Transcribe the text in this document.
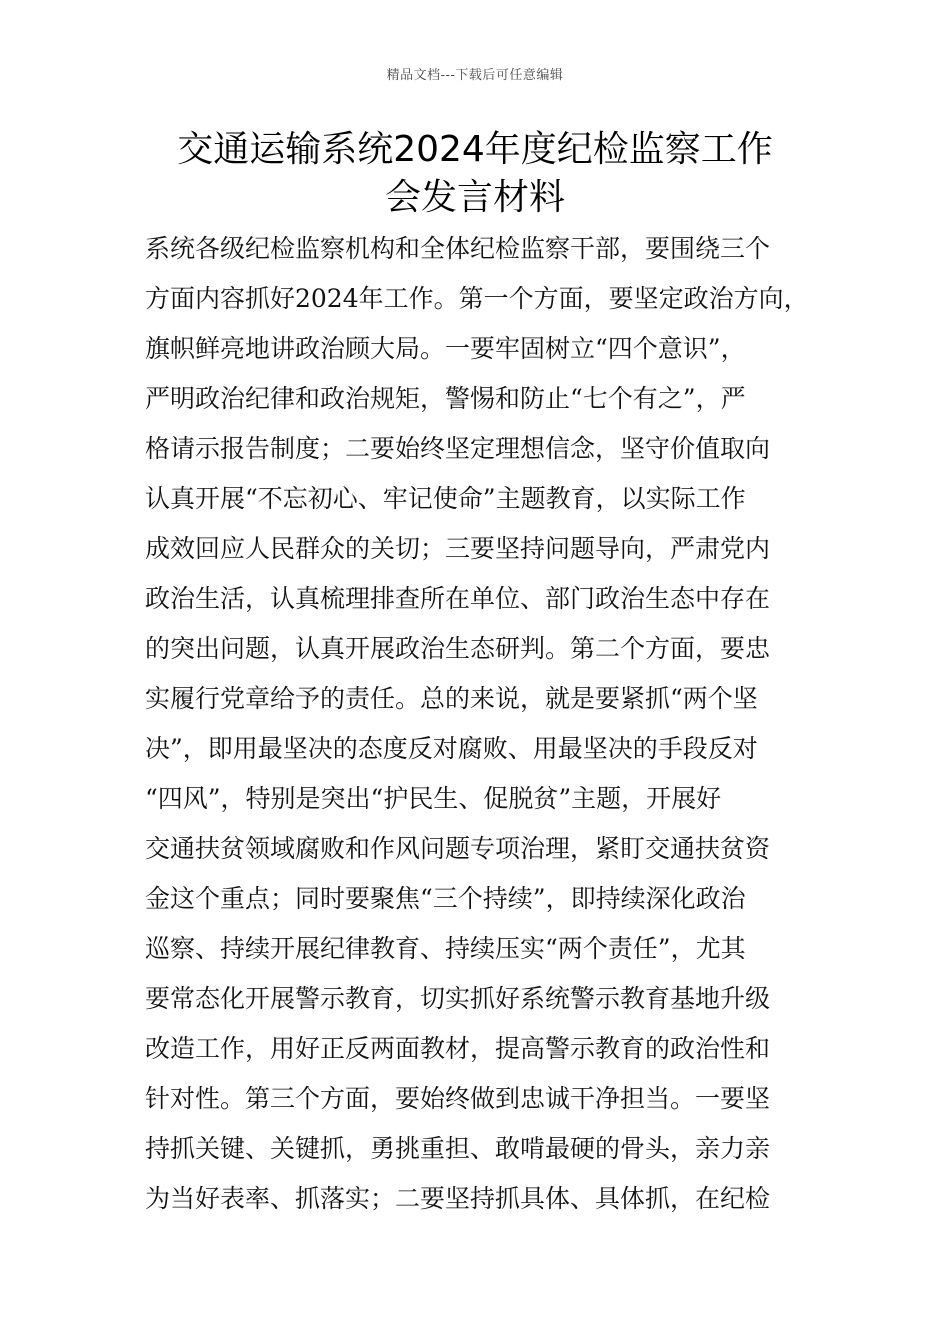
精品文档---下载后可任意编辑
交通运输系统2024年度纪检监察工作
会发言材料
系统各级纪检监察机构和全体纪检监察干部，要围绕三个
方面内容抓好2024年工作。第一个方面，要坚定政治方向，
旗帜鲜亮地讲政治顾大局。一要牢固树立“四个意识”，
严明政治纪律和政治规矩，警惕和防止“七个有之”，严
格请示报告制度；二要始终坚定理想信念，坚守价值取向
认真开展“不忘初心、牢记使命”主题教育，以实际工作
成效回应人民群众的关切；三要坚持问题导向，严肃党内
政治生活，认真梳理排查所在单位、部门政治生态中存在
的突出问题，认真开展政治生态研判。第二个方面，要忠
实履行党章给予的责任。总的来说，就是要紧抓“两个坚
决”，即用最坚决的态度反对腐败、用最坚决的手段反对
“四风”，特别是突出“护民生、促脱贫”主题，开展好
交通扶贫领域腐败和作风问题专项治理，紧盯交通扶贫资
金这个重点；同时要聚焦“三个持续”，即持续深化政治
巡察、持续开展纪律教育、持续压实“两个责任”，尤其
要常态化开展警示教育，切实抓好系统警示教育基地升级
改造工作，用好正反两面教材，提高警示教育的政治性和
针对性。第三个方面，要始终做到忠诚干净担当。一要坚
持抓关键、关键抓，勇挑重担、敢啃最硬的骨头，亲力亲
为当好表率、抓落实；二要坚持抓具体、具体抓，在纪检
